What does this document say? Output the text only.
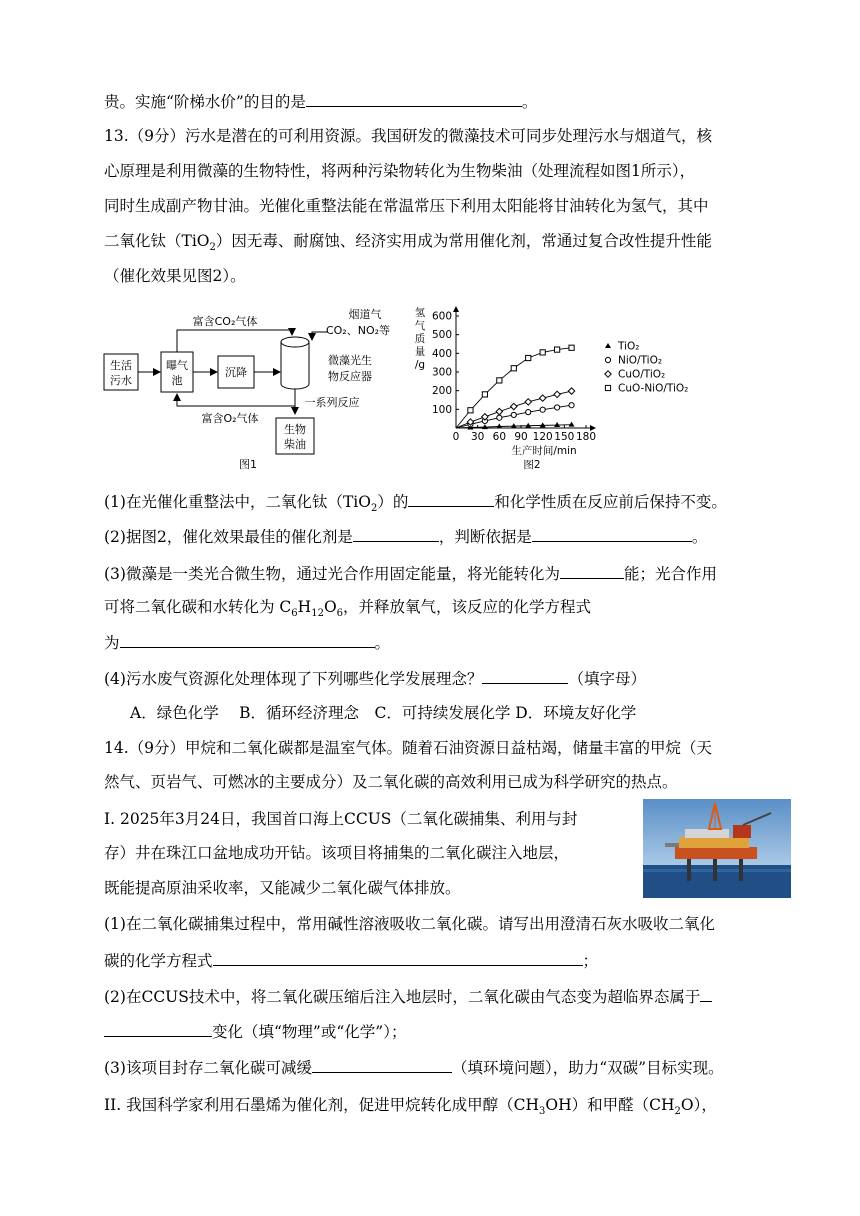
贵。实施“阶梯水价”的目的是	。
13.（9分）污水是潜在的可利用资源。我国研发的微藻技术可同步处理污水与烟道气，核
心原理是利用微藻的生物特性，将两种污染物转化为生物柴油（处理流程如图1所示），
同时生成副产物甘油。光催化重整法能在常温常压下利用太阳能将甘油转化为氢气，其中
二氧化钛（TiO$_2$）因无毒、耐腐蚀、经济实用成为常用催化剂，常通过复合改性提升性能
（催化效果见图2）。
生活
污水
曝气
池
沉降
富含CO₂气体
烟道气
CO₂、NO₂等
微藻光生
物反应器
富含O₂气体
一系列反应
生物
柴油
图1
氢气质量/g
生产时间/min
图2
100
200
300
400
500
600
0 30 60 90 120 150 180
TiO₂
NiO/TiO₂
CuO/TiO₂
CuO-NiO/TiO₂
(1)在光催化重整法中，二氧化钛（TiO$_2$）的	和化学性质在反应前后保持不变。
(2)据图2，催化效果最佳的催化剂是	，判断依据是	。
(3)微藻是一类光合微生物，通过光合作用固定能量，将光能转化为	能；光合作用
可将二氧化碳和水转化为 $C_6H_{12}O_6$，并释放氧气，该反应的化学方程式
为	。
(4)污水废气资源化处理体现了下列哪些化学发展理念？	（填字母）
A．绿色化学　 B．循环经济理念　C．可持续发展化学 D．环境友好化学
14.（9分）甲烷和二氧化碳都是温室气体。随着石油资源日益枯竭，储量丰富的甲烷（天
然气、页岩气、可燃冰的主要成分）及二氧化碳的高效利用已成为科学研究的热点。
I. 2025年3月24日，我国首口海上CCUS（二氧化碳捕集、利用与封
存）井在珠江口盆地成功开钻。该项目将捕集的二氧化碳注入地层，
既能提高原油采收率，又能减少二氧化碳气体排放。
(1)在二氧化碳捕集过程中，常用碱性溶液吸收二氧化碳。请写出用澄清石灰水吸收二氧化
碳的化学方程式	；
(2)在CCUS技术中，将二氧化碳压缩后注入地层时，二氧化碳由气态变为超临界态属于
变化（填“物理”或“化学”）；
(3)该项目封存二氧化碳可减缓	（填环境问题），助力“双碳”目标实现。
II. 我国科学家利用石墨烯为催化剂，促进甲烷转化成甲醇$(CH_3OH)$和甲醛$(CH_2O)$，
